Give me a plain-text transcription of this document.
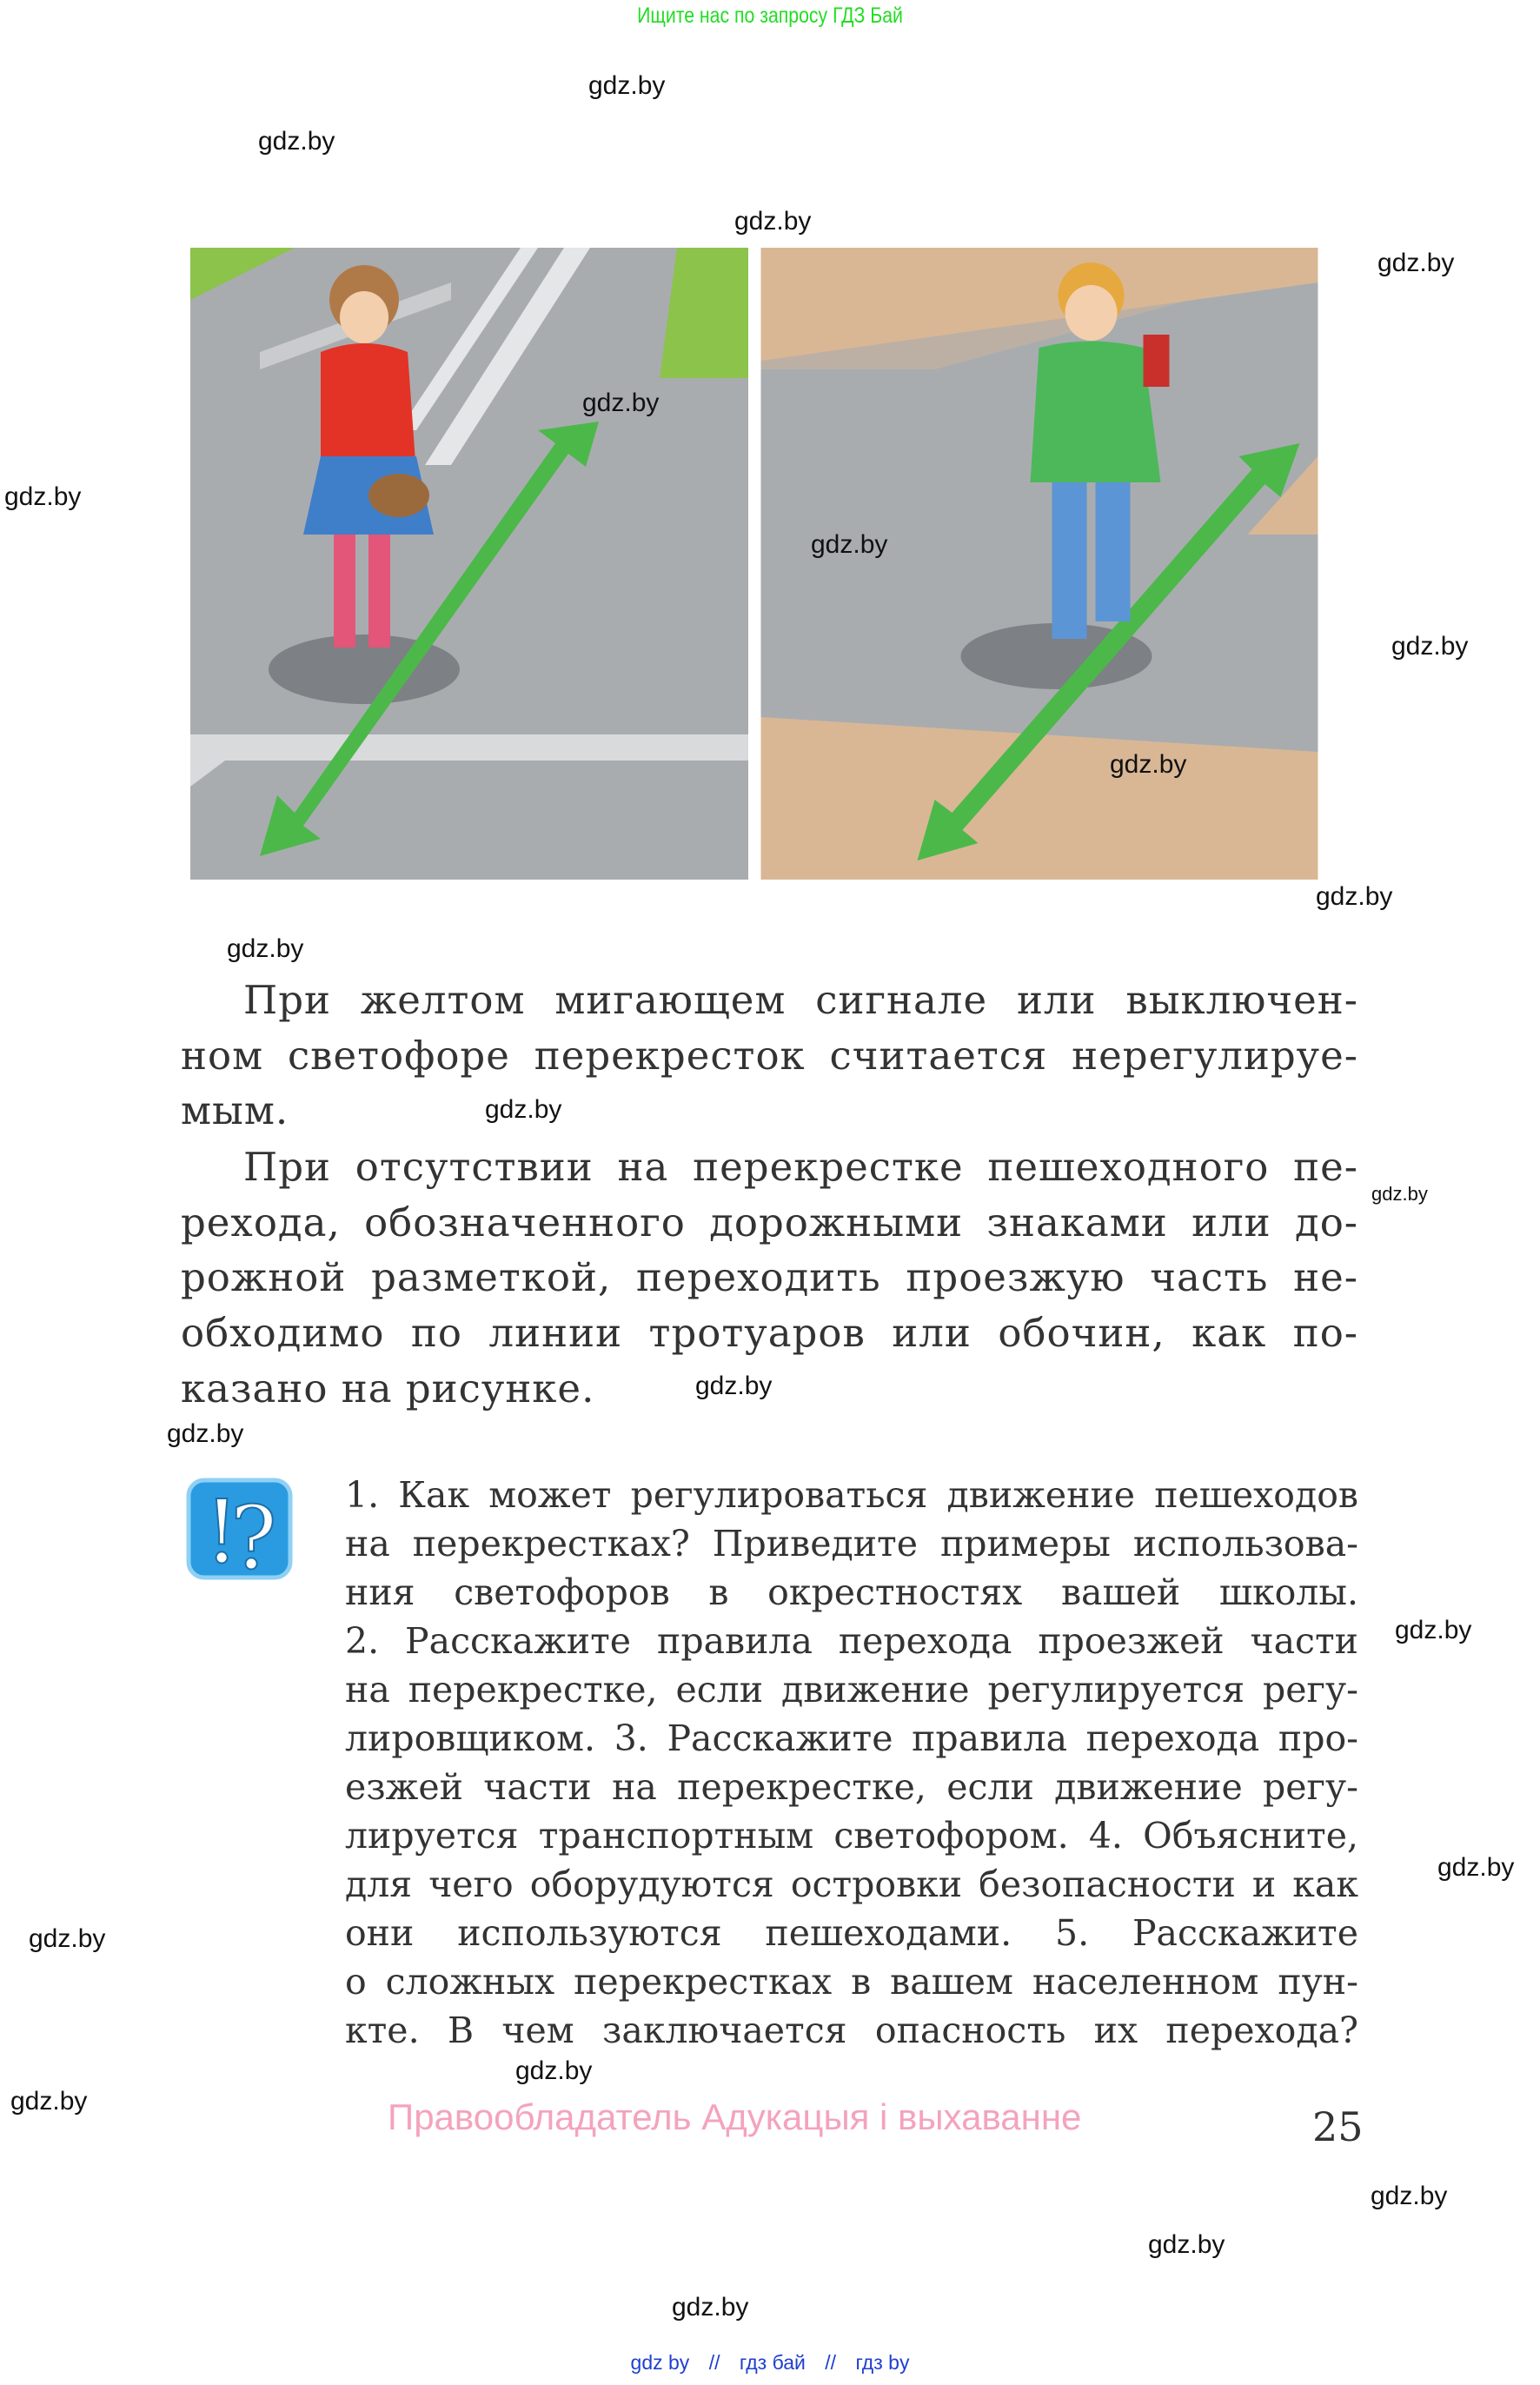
Ищите нас по запросу ГДЗ Бай
gdz.by
gdz.by
gdz.by
gdz.by
gdz.by
gdz.by
gdz.by
gdz.by
gdz.by
gdz.by
gdz.by
gdz.by
gdz.by
gdz.by
gdz.by
gdz.by
При желтом мигающем сигнале или выключен-
ном светофоре перекресток считается нерегулируе-
мым.
При отсутствии на перекрестке пешеходного пе-
рехода, обозначенного дорожными знаками или до-
рожной разметкой, переходить проезжую часть не-
обходимо по линии тротуаров или обочин, как по-
казано на рисунке.
!
? 1. Как может регулироваться движение пешеходов
на перекрестках? Приведите примеры использова-
ния светофоров в окрестностях вашей школы.
2. Расскажите правила перехода проезжей части
на перекрестке, если движение регулируется регу-
лировщиком. 3. Расскажите правила перехода про-
езжей части на перекрестке, если движение регу-
лируется транспортным светофором. 4. Объясните,
для чего оборудуются островки безопасности и как
они используются пешеходами. 5. Расскажите
о сложных перекрестках в вашем населенном пун-
кте. В чем заключается опасность их перехода?
gdz.by
gdz.by
gdz.by
gdz.by
gdz.by
gdz.by
gdz.by
Правообладатель Адукацыя і выхаванне	25
gdz by // гдз бай // гдз by
